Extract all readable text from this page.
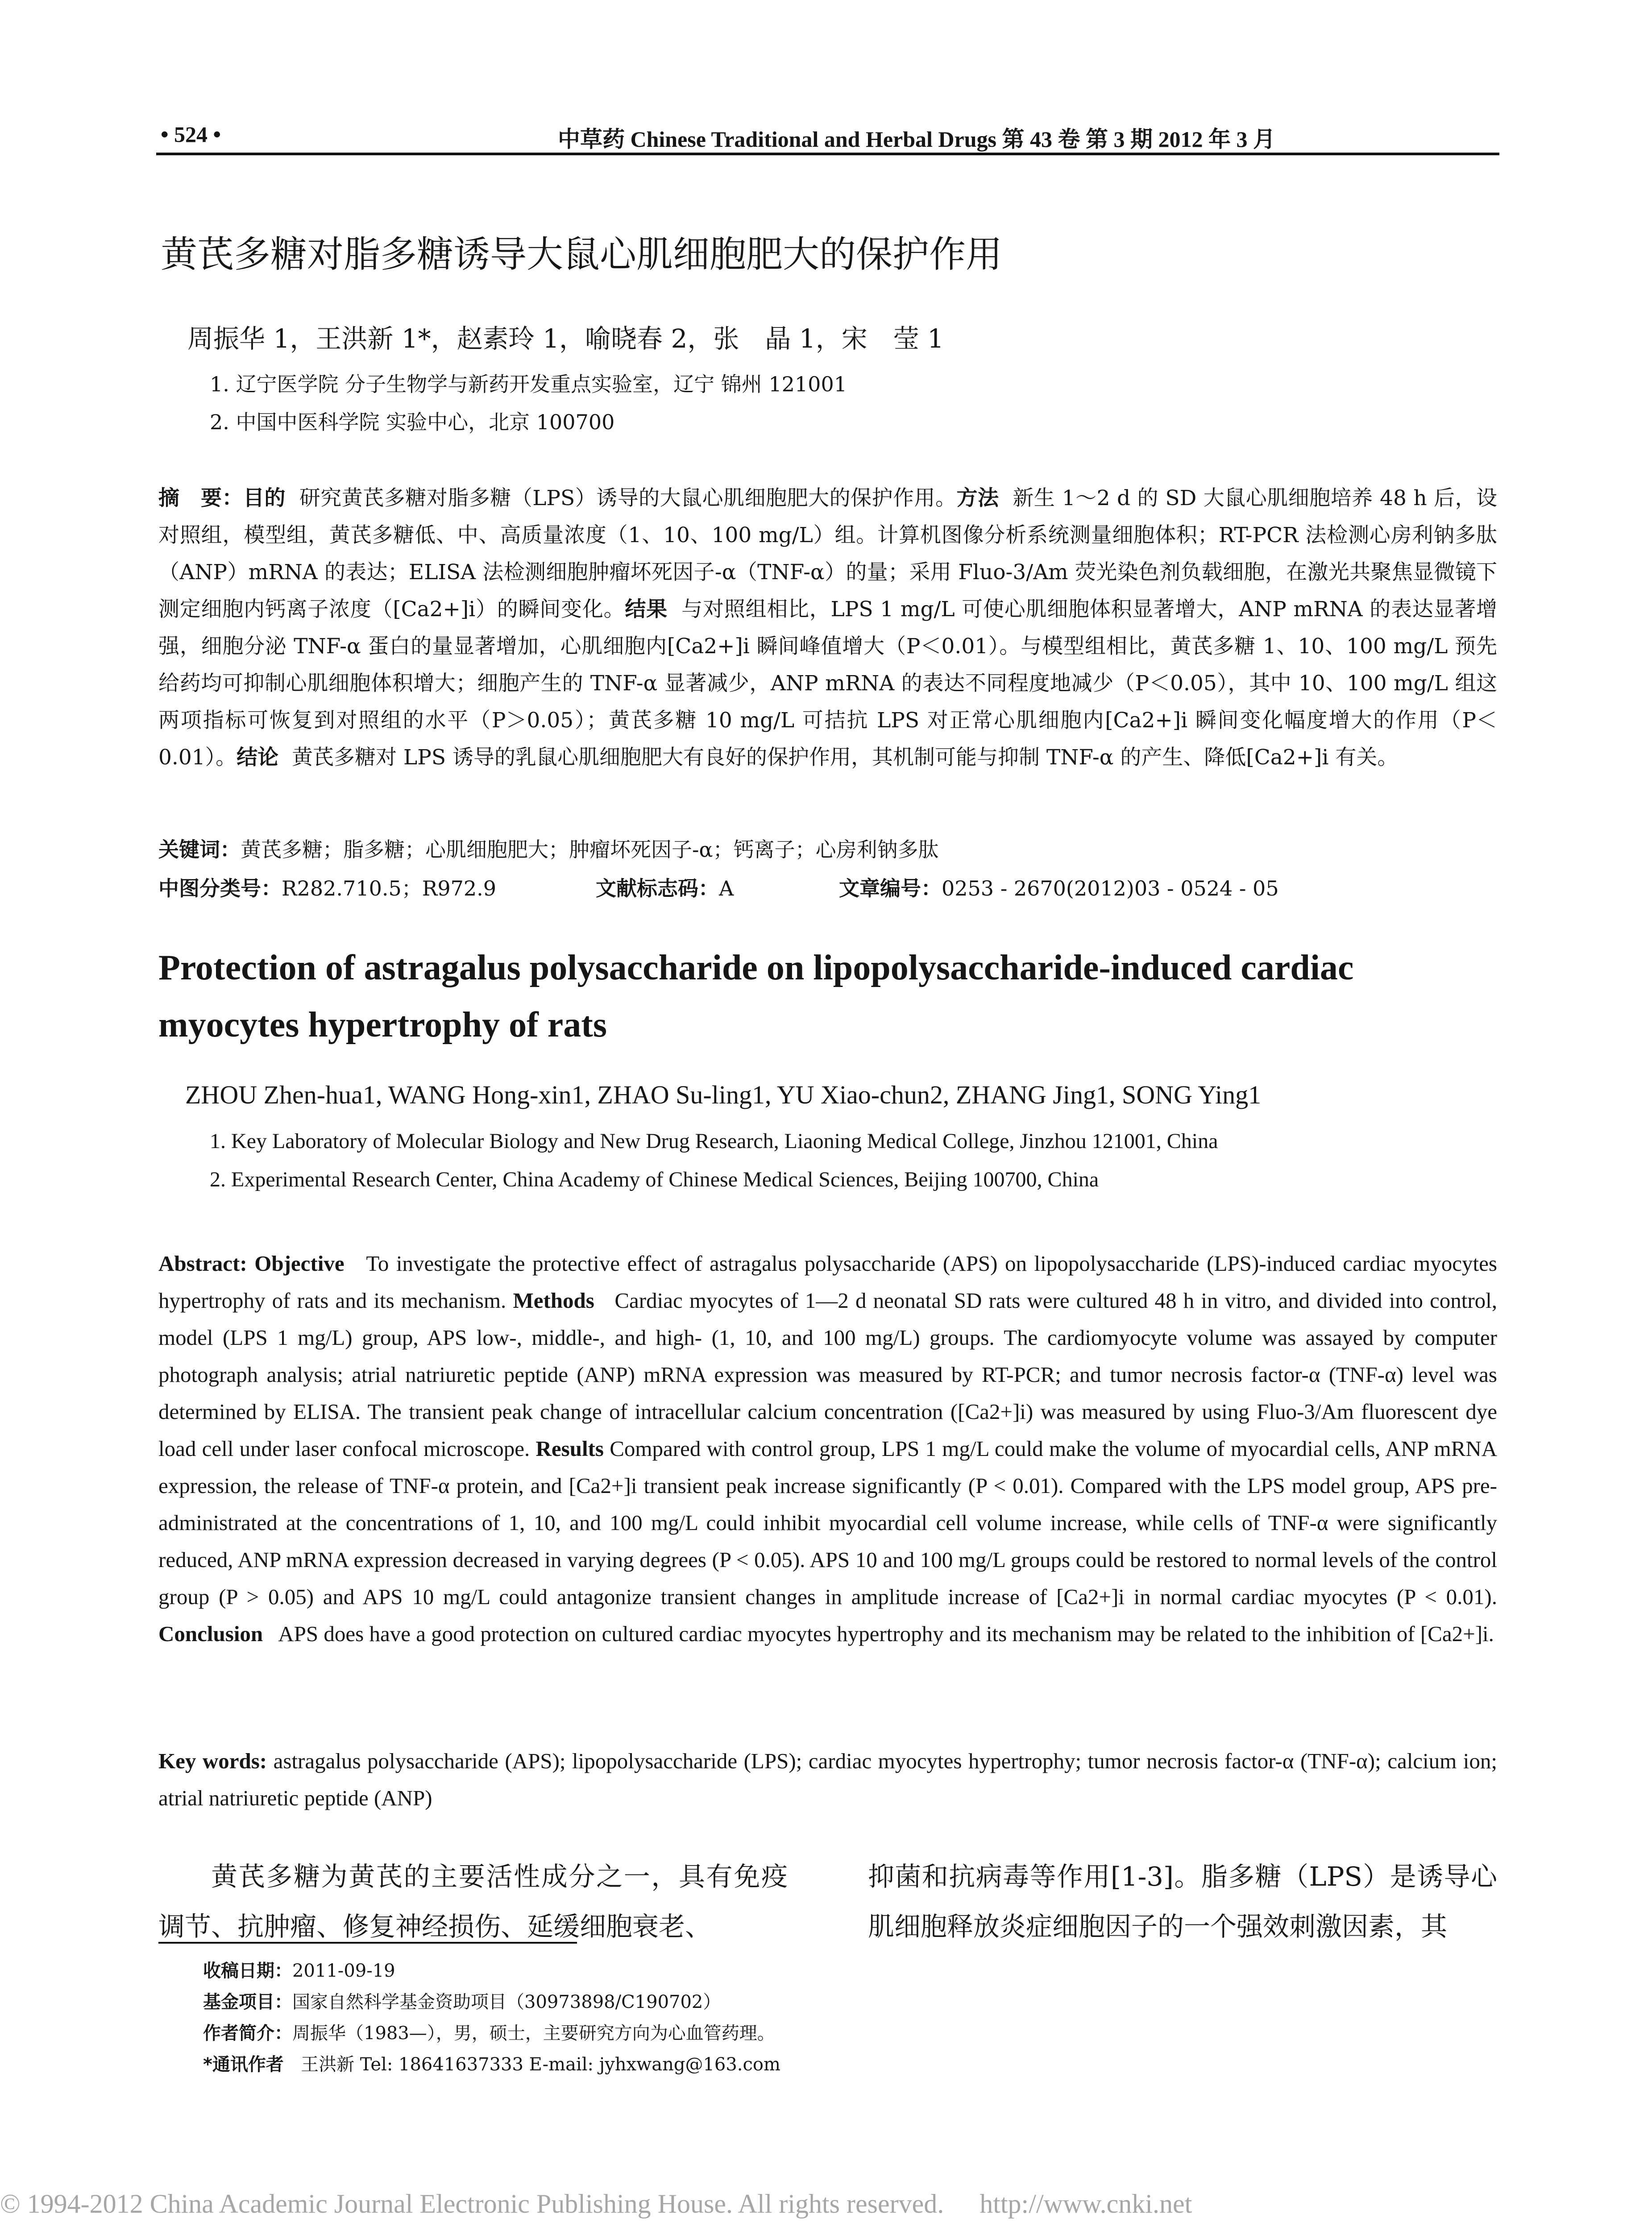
• 524 •	中草药 Chinese Traditional and Herbal Drugs 第 43 卷 第 3 期 2012 年 3 月
黄芪多糖对脂多糖诱导大鼠心肌细胞肥大的保护作用
周振华 1，王洪新 1*，赵素玲 1，喻晓春 2，张　晶 1，宋　莹 1
1. 辽宁医学院 分子生物学与新药开发重点实验室，辽宁 锦州 121001
2. 中国中医科学院 实验中心，北京 100700
摘　要：目的 研究黄芪多糖对脂多糖（LPS）诱导的大鼠心肌细胞肥大的保护作用。方法 新生 1～2 d 的 SD 大鼠心肌细胞培养 48 h 后，设对照组，模型组，黄芪多糖低、中、高质量浓度（1、10、100 mg/L）组。计算机图像分析系统测量细胞体积；RT-PCR 法检测心房利钠多肽（ANP）mRNA 的表达；ELISA 法检测细胞肿瘤坏死因子-α（TNF-α）的量；采用 Fluo-3/Am 荧光染色剂负载细胞，在激光共聚焦显微镜下测定细胞内钙离子浓度（[Ca2+]i）的瞬间变化。结果 与对照组相比，LPS 1 mg/L 可使心肌细胞体积显著增大，ANP mRNA 的表达显著增强，细胞分泌 TNF-α 蛋白的量显著增加，心肌细胞内[Ca2+]i 瞬间峰值增大（P＜0.01）。与模型组相比，黄芪多糖 1、10、100 mg/L 预先给药均可抑制心肌细胞体积增大；细胞产生的 TNF-α 显著减少，ANP mRNA 的表达不同程度地减少（P＜0.05），其中 10、100 mg/L 组这两项指标可恢复到对照组的水平（P＞0.05）；黄芪多糖 10 mg/L 可拮抗 LPS 对正常心肌细胞内[Ca2+]i 瞬间变化幅度增大的作用（P＜0.01）。结论 黄芪多糖对 LPS 诱导的乳鼠心肌细胞肥大有良好的保护作用，其机制可能与抑制 TNF-α 的产生、降低[Ca2+]i 有关。
关键词：黄芪多糖；脂多糖；心肌细胞肥大；肿瘤坏死因子-α；钙离子；心房利钠多肽
中图分类号：R282.710.5；R972.9	文献标志码：A	文章编号：0253 - 2670(2012)03 - 0524 - 05
Protection of astragalus polysaccharide on lipopolysaccharide-induced cardiac myocytes hypertrophy of rats
ZHOU Zhen-hua1, WANG Hong-xin1, ZHAO Su-ling1, YU Xiao-chun2, ZHANG Jing1, SONG Ying1
1. Key Laboratory of Molecular Biology and New Drug Research, Liaoning Medical College, Jinzhou 121001, China
2. Experimental Research Center, China Academy of Chinese Medical Sciences, Beijing 100700, China
Abstract: Objective To investigate the protective effect of astragalus polysaccharide (APS) on lipopolysaccharide (LPS)-induced cardiac myocytes hypertrophy of rats and its mechanism. Methods Cardiac myocytes of 1—2 d neonatal SD rats were cultured 48 h in vitro, and divided into control, model (LPS 1 mg/L) group, APS low-, middle-, and high- (1, 10, and 100 mg/L) groups. The cardiomyocyte volume was assayed by computer photograph analysis; atrial natriuretic peptide (ANP) mRNA expression was measured by RT-PCR; and tumor necrosis factor-α (TNF-α) level was determined by ELISA. The transient peak change of intracellular calcium concentration ([Ca2+]i) was measured by using Fluo-3/Am fluorescent dye load cell under laser confocal microscope. Results Compared with control group, LPS 1 mg/L could make the volume of myocardial cells, ANP mRNA expression, the release of TNF-α protein, and [Ca2+]i transient peak increase significantly (P < 0.01). Compared with the LPS model group, APS pre-administrated at the concentrations of 1, 10, and 100 mg/L could inhibit myocardial cell volume increase, while cells of TNF-α were significantly reduced, ANP mRNA expression decreased in varying degrees (P < 0.05). APS 10 and 100 mg/L groups could be restored to normal levels of the control group (P > 0.05) and APS 10 mg/L could antagonize transient changes in amplitude increase of [Ca2+]i in normal cardiac myocytes (P < 0.01). Conclusion APS does have a good protection on cultured cardiac myocytes hypertrophy and its mechanism may be related to the inhibition of [Ca2+]i.
Key words: astragalus polysaccharide (APS); lipopolysaccharide (LPS); cardiac myocytes hypertrophy; tumor necrosis factor-α (TNF-α); calcium ion; atrial natriuretic peptide (ANP)
黄芪多糖为黄芪的主要活性成分之一，具有免疫调节、抗肿瘤、修复神经损伤、延缓细胞衰老、
抑菌和抗病毒等作用[1-3]。脂多糖（LPS）是诱导心肌细胞释放炎症细胞因子的一个强效刺激因素，其
收稿日期：2011-09-19
基金项目：国家自然科学基金资助项目（30973898/C190702）
作者简介：周振华（1983—），男，硕士，主要研究方向为心血管药理。
*通讯作者 王洪新 Tel: 18641637333 E-mail: jyhxwang@163.com
© 1994-2012 China Academic Journal Electronic Publishing House. All rights reserved. http://www.cnki.net
